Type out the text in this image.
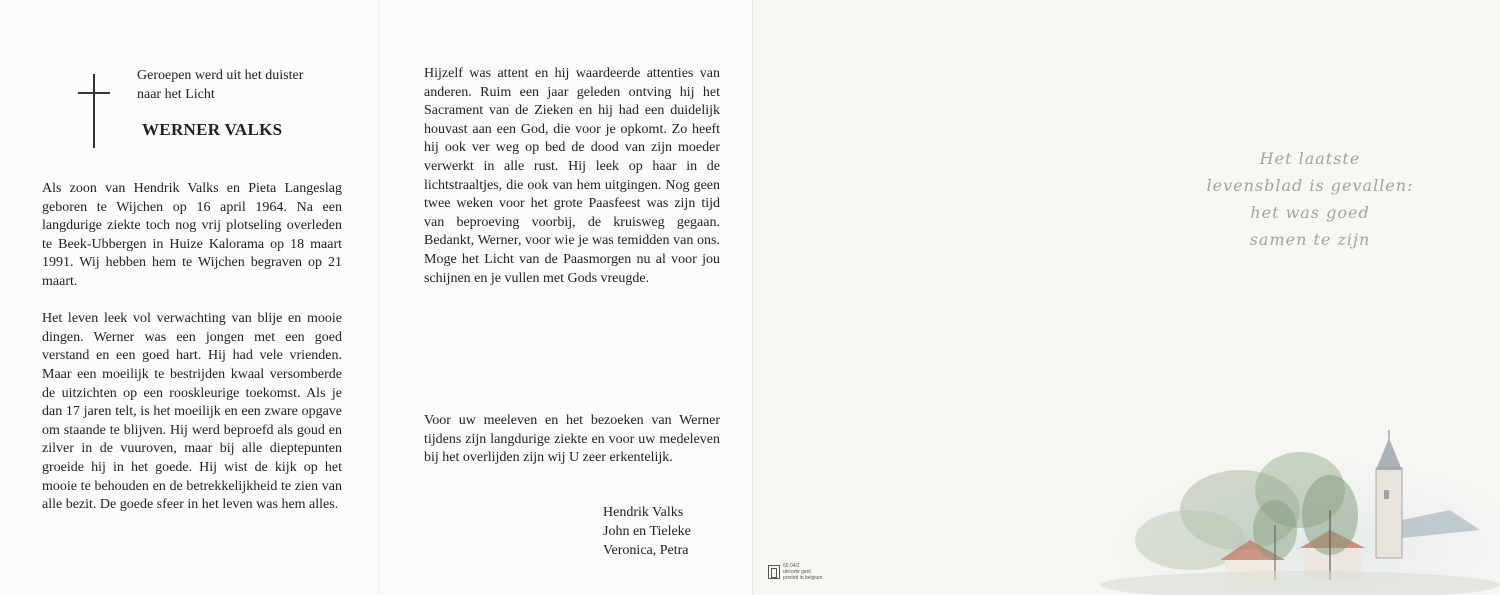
Geroepen werd uit het duister
naar het Licht
WERNER VALKS

Als zoon van Hendrik Valks en Pieta Langeslag geboren te Wijchen op 16 april 1964. Na een langdurige ziekte toch nog vrij plotseling overleden te Beek-Ubbergen in Huize Kalorama op 18 maart 1991. Wij hebben hem te Wijchen begraven op 21 maart.

Het leven leek vol verwachting van blije en mooie dingen. Werner was een jongen met een goed verstand en een goed hart. Hij had vele vrienden. Maar een moeilijk te bestrijden kwaal versomberde de uitzichten op een rooskleurige toekomst. Als je dan 17 jaren telt, is het moeilijk en een zware opgave om staande te blijven. Hij werd beproefd als goud en zilver in de vuuroven, maar bij alle dieptepunten groeide hij in het goede. Hij wist de kijk op het mooie te behouden en de betrekkelijkheid te zien van alle bezit. De goede sfeer in het leven was hem alles.

Hijzelf was attent en hij waardeerde attenties van anderen. Ruim een jaar geleden ontving hij het Sacrament van de Zieken en hij had een duidelijk houvast aan een God, die voor je opkomt. Zo heeft hij ook ver weg op bed de dood van zijn moeder verwerkt in alle rust. Hij leek op haar in de lichtstraaltjes, die ook van hem uitgingen. Nog geen twee weken voor het grote Paasfeest was zijn tijd van beproeving voorbij, de kruisweg gegaan. Bedankt, Werner, voor wie je was temidden van ons. Moge het Licht van de Paasmorgen nu al voor jou schijnen en je vullen met Gods vreugde.
Voor uw meeleven en het bezoeken van Werner tijdens zijn langdurige ziekte en voor uw medeleven bij het overlijden zijn wij U zeer erkentelijk.
Hendrik Valks
John en Tieleke
Veronica, Petra
Het laatste
levensblad is gevallen:
het was goed
samen te zijn
60.04/2
decorte gent
printed in belgium
